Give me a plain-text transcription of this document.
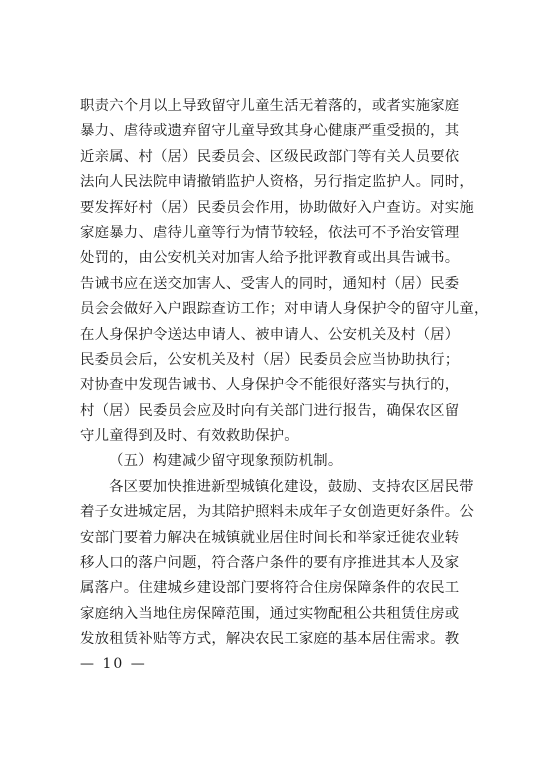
职责六个月以上导致留守儿童生活无着落的，或者实施家庭
暴力、虐待或遗弃留守儿童导致其身心健康严重受损的，其
近亲属、村（居）民委员会、区级民政部门等有关人员要依
法向人民法院申请撤销监护人资格，另行指定监护人。同时，
要发挥好村（居）民委员会作用，协助做好入户查访。对实施
家庭暴力、虐待儿童等行为情节较轻，依法可不予治安管理
处罚的，由公安机关对加害人给予批评教育或出具告诫书。
告诫书应在送交加害人、受害人的同时，通知村（居）民委
员会会做好入户跟踪查访工作；对申请人身保护令的留守儿童，
在人身保护令送达申请人、被申请人、公安机关及村（居）
民委员会后，公安机关及村（居）民委员会应当协助执行；
对协查中发现告诫书、人身保护令不能很好落实与执行的，
村（居）民委员会应及时向有关部门进行报告，确保农区留
守儿童得到及时、有效救助保护。
（五）构建减少留守现象预防机制。
各区要加快推进新型城镇化建设，鼓励、支持农区居民带
着子女进城定居，为其陪护照料未成年子女创造更好条件。公
安部门要着力解决在城镇就业居住时间长和举家迁徙农业转
移人口的落户问题，符合落户条件的要有序推进其本人及家
属落户。住建城乡建设部门要将符合住房保障条件的农民工
家庭纳入当地住房保障范围，通过实物配租公共租赁住房或
发放租赁补贴等方式，解决农民工家庭的基本居住需求。教
— 10 —
